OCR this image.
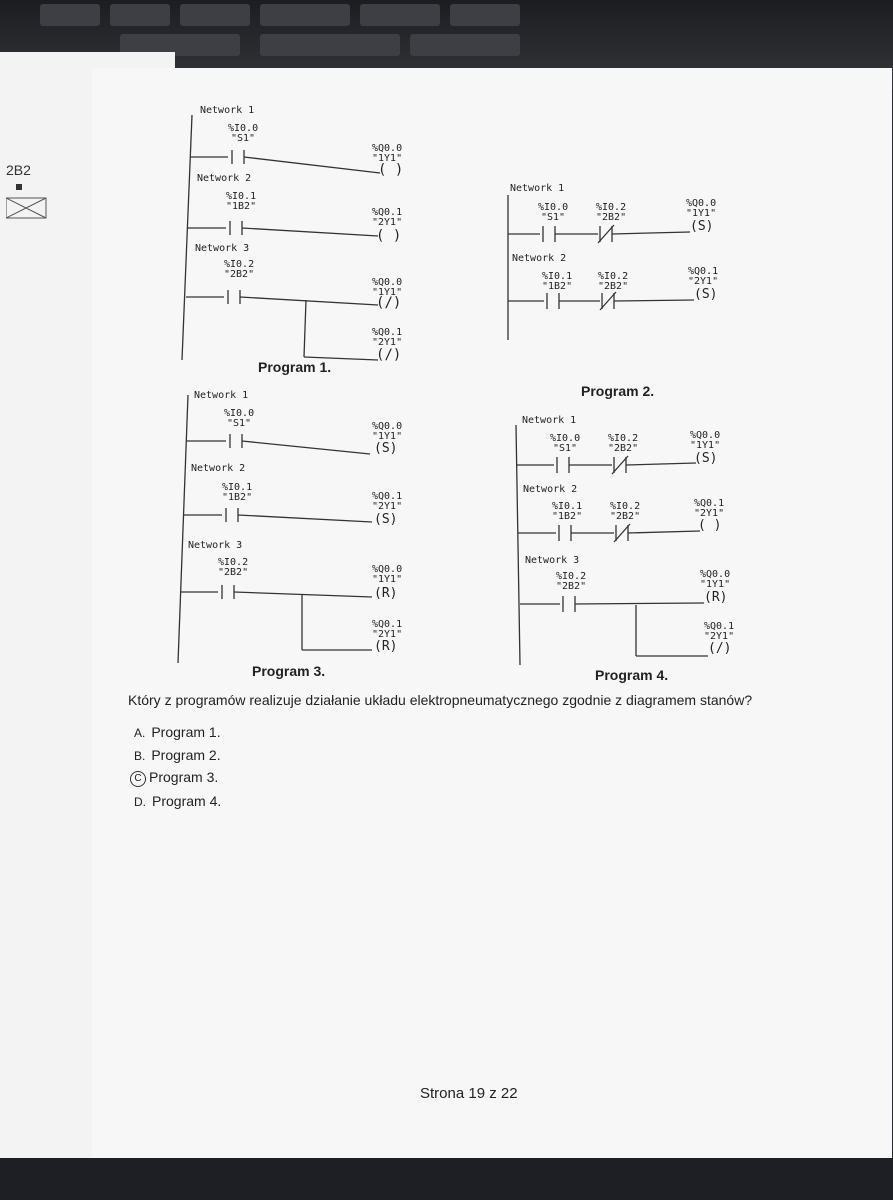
2B2
Network 1
%I0.0
"S1"
%Q0.0
"1Y1"
( )
Network 2
%I0.1
"1B2"
%Q0.1
"2Y1"
( )
Network 3
%I0.2
"2B2"
%Q0.0
"1Y1"
(/)
%Q0.1
"2Y1"
(/)
Program 1.
Network 1
%I0.0
"S1"
%I0.2
"2B2"
%Q0.0
"1Y1"
(S)
Network 2
%I0.1
"1B2"
%I0.2
"2B2"
%Q0.1
"2Y1"
(S)
Program 2.
Network 1
%I0.0
"S1"	%Q0.0
"1Y1"
(S)
Network 2
%I0.1
"1B2"	%Q0.1
"2Y1"
(S)
Network 3
%I0.2
"2B2"	%Q0.0
"1Y1"
(R)
%Q0.1
"2Y1"
(R)
Program 3.
Network 1
%I0.0
"S1"
%I0.2
"2B2"
%Q0.0
"1Y1"
(S)
Network 2
%I0.1
"1B2"
%I0.2
"2B2"
%Q0.1
"2Y1"
( )
Network 3
%I0.2
"2B2"
%Q0.0
"1Y1"
(R)
%Q0.1
"2Y1"
(/)
Program 4.
Który z programów realizuje działanie układu elektropneumatycznego zgodnie z diagramem stanów?
A. Program 1.
B. Program 2.
C Program 3.
D. Program 4.
Strona 19 z 22
